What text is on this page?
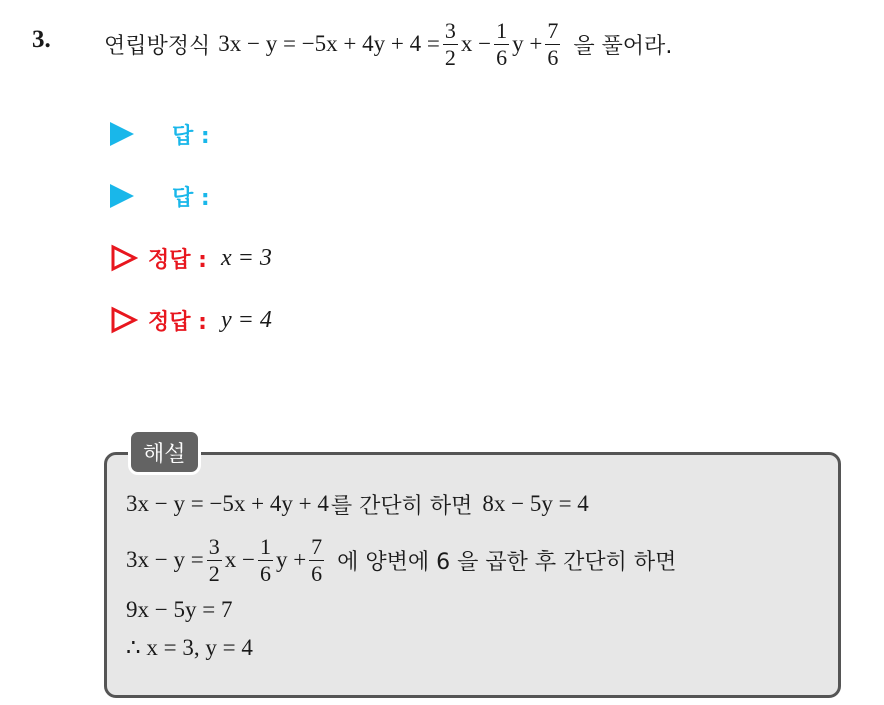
3. 연립방정식 $3x - y = -5x + 4y + 4 = \frac{3}{2}$ $x - \frac{1}{6}$ $y + \frac{7}{6}$ 을 풀어라.
답 :
답 :
정답 : x = 3
정답 : y = 4
해설
3x − y = −5x + 4y + 4 를 간단히 하면 8x − 5y = 4
$3x - y = \frac{3}{2}$ $x - \frac{1}{6}$ $y + \frac{7}{6}$ 에 양변에 6 을 곱한 후 간단히 하면
9x − 5y = 7
∴ x = 3, y = 4
